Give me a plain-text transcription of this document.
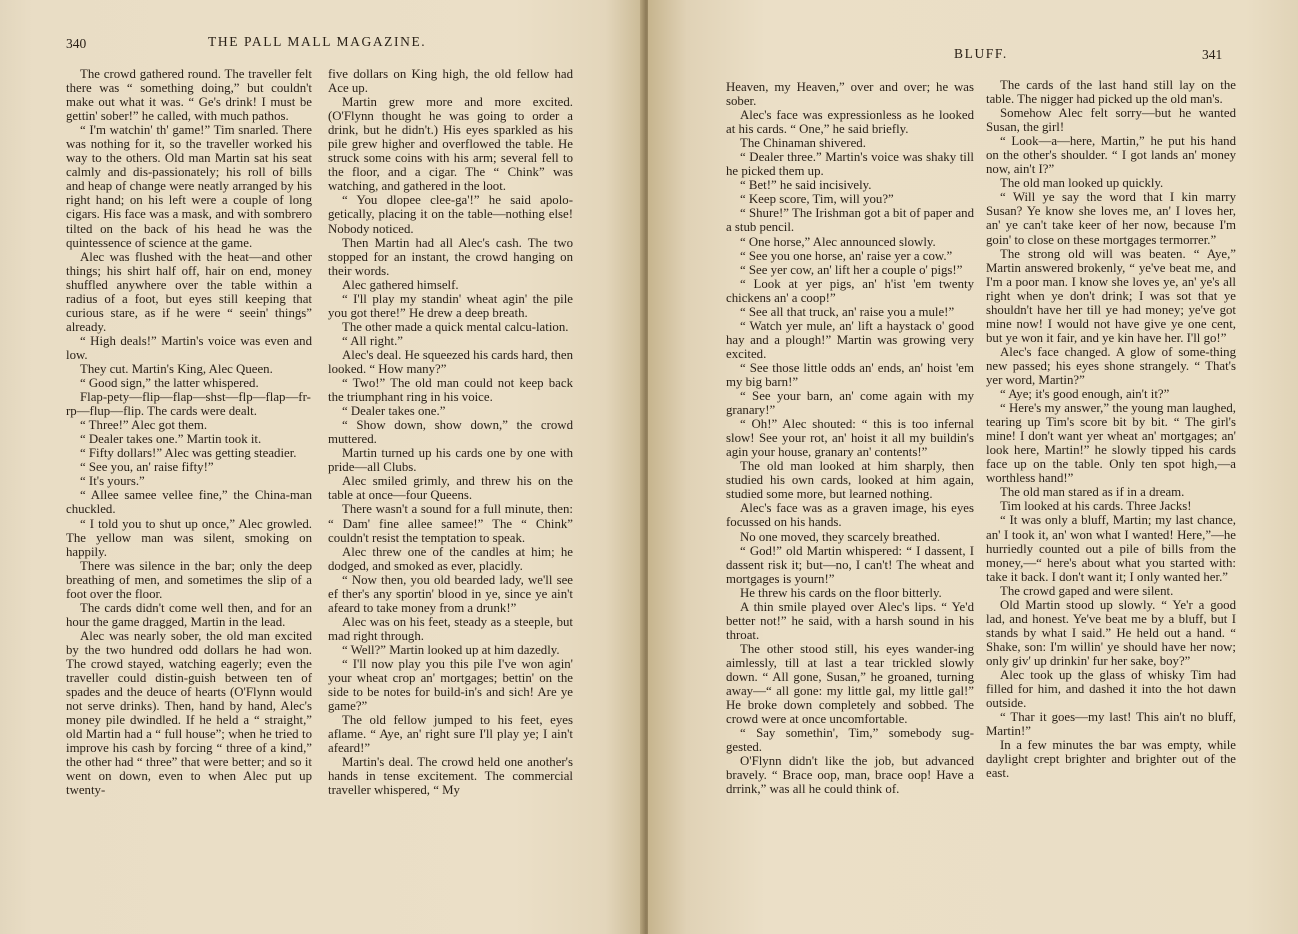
340	THE PALL MALL MAGAZINE.

The crowd gathered round. The traveller felt there was “ something doing,” but couldn't make out what it was. “ Ge's drink! I must be gettin' sober!” he called, with much pathos.

“ I'm watchin' th' game!” Tim snarled. There was nothing for it, so the traveller worked his way to the others. Old man Martin sat his seat calmly and dis-passionately; his roll of bills and heap of change were neatly arranged by his right hand; on his left were a couple of long cigars. His face was a mask, and with sombrero tilted on the back of his head he was the quintessence of science at the game.

Alec was flushed with the heat—and other things; his shirt half off, hair on end, money shuffled anywhere over the table within a radius of a foot, but eyes still keeping that curious stare, as if he were “ seein' things” already.

“ High deals!” Martin's voice was even and low.

They cut. Martin's King, Alec Queen.

“ Good sign,” the latter whispered.

Flap-pety—flip—flap—shst—flp—flap—fr-rp—flup—flip. The cards were dealt.

“ Three!” Alec got them.

“ Dealer takes one.” Martin took it.

“ Fifty dollars!” Alec was getting steadier.

“ See you, an' raise fifty!”

“ It's yours.”

“ Allee samee vellee fine,” the China-man chuckled.

“ I told you to shut up once,” Alec growled. The yellow man was silent, smoking on happily.

There was silence in the bar; only the deep breathing of men, and sometimes the slip of a foot over the floor.

The cards didn't come well then, and for an hour the game dragged, Martin in the lead.

Alec was nearly sober, the old man excited by the two hundred odd dollars he had won. The crowd stayed, watching eagerly; even the traveller could distin-guish between ten of spades and the deuce of hearts (O'Flynn would not serve drinks). Then, hand by hand, Alec's money pile dwindled. If he held a “ straight,” old Martin had a “ full house”; when he tried to improve his cash by forcing “ three of a kind,” the other had “ three” that were better; and so it went on down, even to when Alec put up twenty-

five dollars on King high, the old fellow had Ace up.

Martin grew more and more excited. (O'Flynn thought he was going to order a drink, but he didn't.) His eyes sparkled as his pile grew higher and overflowed the table. He struck some coins with his arm; several fell to the floor, and a cigar. The “ Chink” was watching, and gathered in the loot.

“ You dlopee clee-ga'!” he said apolo-getically, placing it on the table—nothing else! Nobody noticed.

Then Martin had all Alec's cash. The two stopped for an instant, the crowd hanging on their words.

Alec gathered himself.

“ I'll play my standin' wheat agin' the pile you got there!” He drew a deep breath.

The other made a quick mental calcu-lation.

“ All right.”

Alec's deal. He squeezed his cards hard, then looked. “ How many?”

“ Two!” The old man could not keep back the triumphant ring in his voice.

“ Dealer takes one.”

“ Show down, show down,” the crowd muttered.

Martin turned up his cards one by one with pride—all Clubs.

Alec smiled grimly, and threw his on the table at once—four Queens.

There wasn't a sound for a full minute, then: “ Dam' fine allee samee!” The “ Chink” couldn't resist the temptation to speak.

Alec threw one of the candles at him; he dodged, and smoked as ever, placidly.

“ Now then, you old bearded lady, we'll see ef ther's any sportin' blood in ye, since ye ain't afeard to take money from a drunk!”

Alec was on his feet, steady as a steeple, but mad right through.

“ Well?” Martin looked up at him dazedly.

“ I'll now play you this pile I've won agin' your wheat crop an' mortgages; bettin' on the side to be notes for build-in's and sich! Are ye game?”

The old fellow jumped to his feet, eyes aflame. “ Aye, an' right sure I'll play ye; I ain't afeard!”

Martin's deal. The crowd held one another's hands in tense excitement. The commercial traveller whispered, “ My

BLUFF.	341

Heaven, my Heaven,” over and over; he was sober.

Alec's face was expressionless as he looked at his cards. “ One,” he said briefly.

The Chinaman shivered.

“ Dealer three.” Martin's voice was shaky till he picked them up.

“ Bet!” he said incisively.

“ Keep score, Tim, will you?”

“ Shure!” The Irishman got a bit of paper and a stub pencil.

“ One horse,” Alec announced slowly.

“ See you one horse, an' raise yer a cow.”

“ See yer cow, an' lift her a couple o' pigs!”

“ Look at yer pigs, an' h'ist 'em twenty chickens an' a coop!”

“ See all that truck, an' raise you a mule!”

“ Watch yer mule, an' lift a haystack o' good hay and a plough!” Martin was growing very excited.

“ See those little odds an' ends, an' hoist 'em my big barn!”

“ See your barn, an' come again with my granary!”

“ Oh!” Alec shouted: “ this is too infernal slow! See your rot, an' hoist it all my buildin's agin your house, granary an' contents!”

The old man looked at him sharply, then studied his own cards, looked at him again, studied some more, but learned nothing.

Alec's face was as a graven image, his eyes focussed on his hands.

No one moved, they scarcely breathed.

“ God!” old Martin whispered: “ I dassent, I dassent risk it; but—no, I can't! The wheat and mortgages is yourn!”

He threw his cards on the floor bitterly.

A thin smile played over Alec's lips. “ Ye'd better not!” he said, with a harsh sound in his throat.

The other stood still, his eyes wander-ing aimlessly, till at last a tear trickled slowly down. “ All gone, Susan,” he groaned, turning away—“ all gone: my little gal, my little gal!” He broke down completely and sobbed. The crowd were at once uncomfortable.

“ Say somethin', Tim,” somebody sug-gested.

O'Flynn didn't like the job, but advanced bravely. “ Brace oop, man, brace oop! Have a drrink,” was all he could think of.

The cards of the last hand still lay on the table. The nigger had picked up the old man's.

Somehow Alec felt sorry—but he wanted Susan, the girl!

“ Look—a—here, Martin,” he put his hand on the other's shoulder. “ I got lands an' money now, ain't I?”

The old man looked up quickly.

“ Will ye say the word that I kin marry Susan? Ye know she loves me, an' I loves her, an' ye can't take keer of her now, because I'm goin' to close on these mortgages termorrer.”

The strong old will was beaten. “ Aye,” Martin answered brokenly, “ ye've beat me, and I'm a poor man. I know she loves ye, an' ye's all right when ye don't drink; I was sot that ye shouldn't have her till ye had money; ye've got mine now! I would not have give ye one cent, but ye won it fair, and ye kin have her. I'll go!”

Alec's face changed. A glow of some-thing new passed; his eyes shone strangely. “ That's yer word, Martin?”

“ Aye; it's good enough, ain't it?”

“ Here's my answer,” the young man laughed, tearing up Tim's score bit by bit. “ The girl's mine! I don't want yer wheat an' mortgages; an' look here, Martin!” he slowly tipped his cards face up on the table. Only ten spot high,—a worthless hand!”

The old man stared as if in a dream.

Tim looked at his cards. Three Jacks!

“ It was only a bluff, Martin; my last chance, an' I took it, an' won what I wanted! Here,”—he hurriedly counted out a pile of bills from the money,—“ here's about what you started with: take it back. I don't want it; I only wanted her.”

The crowd gaped and were silent.

Old Martin stood up slowly. “ Ye'r a good lad, and honest. Ye've beat me by a bluff, but I stands by what I said.” He held out a hand. “ Shake, son: I'm willin' ye should have her now; only giv' up drinkin' fur her sake, boy?”

Alec took up the glass of whisky Tim had filled for him, and dashed it into the hot dawn outside.

“ Thar it goes—my last! This ain't no bluff, Martin!”

In a few minutes the bar was empty, while daylight crept brighter and brighter out of the east.
